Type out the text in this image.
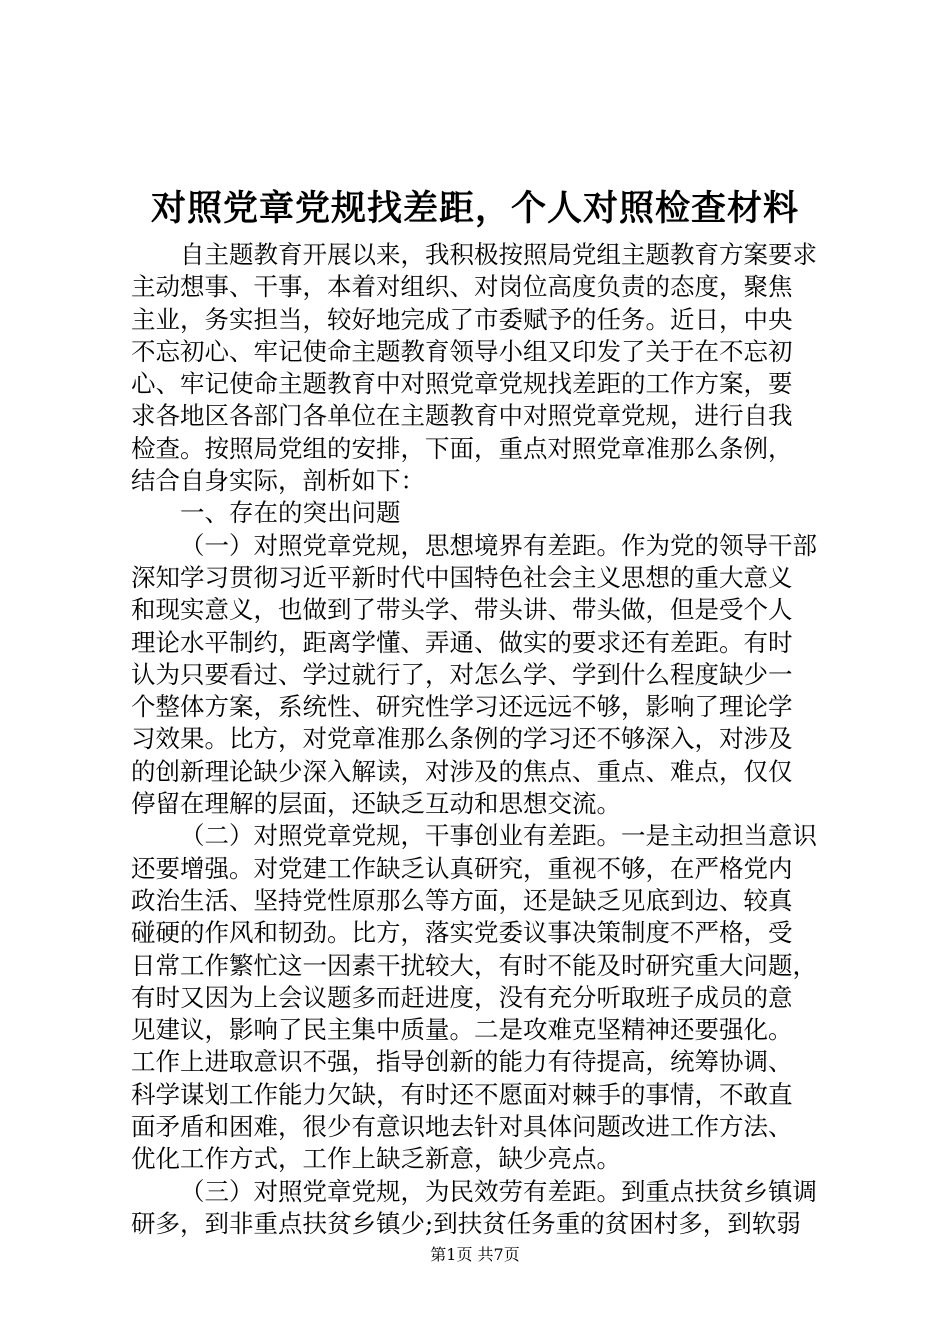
对照党章党规找差距，个人对照检查材料
自主题教育开展以来，我积极按照局党组主题教育方案要求
主动想事、干事，本着对组织、对岗位高度负责的态度，聚焦
主业，务实担当，较好地完成了市委赋予的任务。近日，中央
不忘初心、牢记使命主题教育领导小组又印发了关于在不忘初
心、牢记使命主题教育中对照党章党规找差距的工作方案，要
求各地区各部门各单位在主题教育中对照党章党规，进行自我
检查。按照局党组的安排，下面，重点对照党章准那么条例，
结合自身实际，剖析如下：
一、存在的突出问题
（一）对照党章党规，思想境界有差距。作为党的领导干部
深知学习贯彻习近平新时代中国特色社会主义思想的重大意义
和现实意义，也做到了带头学、带头讲、带头做，但是受个人
理论水平制约，距离学懂、弄通、做实的要求还有差距。有时
认为只要看过、学过就行了，对怎么学、学到什么程度缺少一
个整体方案，系统性、研究性学习还远远不够，影响了理论学
习效果。比方，对党章准那么条例的学习还不够深入，对涉及
的创新理论缺少深入解读，对涉及的焦点、重点、难点，仅仅
停留在理解的层面，还缺乏互动和思想交流。
（二）对照党章党规，干事创业有差距。一是主动担当意识
还要增强。对党建工作缺乏认真研究，重视不够，在严格党内
政治生活、坚持党性原那么等方面，还是缺乏见底到边、较真
碰硬的作风和韧劲。比方，落实党委议事决策制度不严格，受
日常工作繁忙这一因素干扰较大，有时不能及时研究重大问题，
有时又因为上会议题多而赶进度，没有充分听取班子成员的意
见建议，影响了民主集中质量。二是攻难克坚精神还要强化。
工作上进取意识不强，指导创新的能力有待提高，统筹协调、
科学谋划工作能力欠缺，有时还不愿面对棘手的事情，不敢直
面矛盾和困难，很少有意识地去针对具体问题改进工作方法、
优化工作方式，工作上缺乏新意，缺少亮点。
（三）对照党章党规，为民效劳有差距。到重点扶贫乡镇调
研多，到非重点扶贫乡镇少;到扶贫任务重的贫困村多，到软弱
第1页 共7页
